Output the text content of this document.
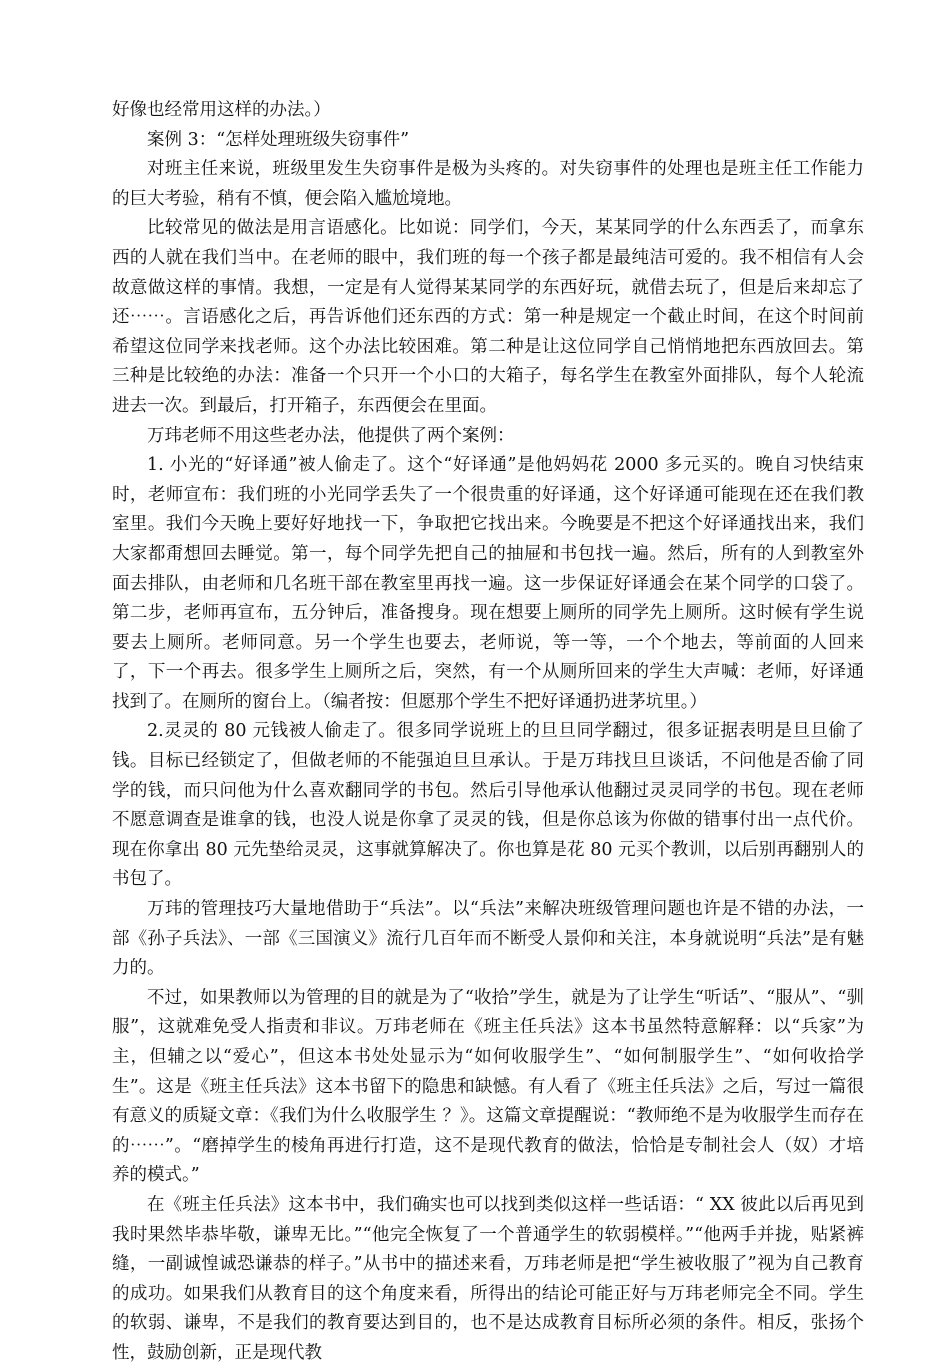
好像也经常用这样的办法。）

案例 3：“怎样处理班级失窃事件”

对班主任来说，班级里发生失窃事件是极为头疼的。对失窃事件的处理也是班主任工作能力的巨大考验，稍有不慎，便会陷入尴尬境地。

比较常见的做法是用言语感化。比如说：同学们，今天，某某同学的什么东西丢了，而拿东西的人就在我们当中。在老师的眼中，我们班的每一个孩子都是最纯洁可爱的。我不相信有人会故意做这样的事情。我想，一定是有人觉得某某同学的东西好玩，就借去玩了，但是后来却忘了还⋯⋯。言语感化之后，再告诉他们还东西的方式：第一种是规定一个截止时间，在这个时间前希望这位同学来找老师。这个办法比较困难。第二种是让这位同学自己悄悄地把东西放回去。第三种是比较绝的办法：准备一个只开一个小口的大箱子，每名学生在教室外面排队，每个人轮流进去一次。到最后，打开箱子，东西便会在里面。

万玮老师不用这些老办法，他提供了两个案例：

1. 小光的“好译通”被人偷走了。这个“好译通”是他妈妈花 2000 多元买的。晚自习快结束时，老师宣布：我们班的小光同学丢失了一个很贵重的好译通，这个好译通可能现在还在我们教室里。我们今天晚上要好好地找一下，争取把它找出来。今晚要是不把这个好译通找出来，我们大家都甭想回去睡觉。第一，每个同学先把自己的抽屉和书包找一遍。然后，所有的人到教室外面去排队，由老师和几名班干部在教室里再找一遍。这一步保证好译通会在某个同学的口袋了。第二步，老师再宣布，五分钟后，准备搜身。现在想要上厕所的同学先上厕所。这时候有学生说要去上厕所。老师同意。另一个学生也要去，老师说，等一等，一个个地去，等前面的人回来了，下一个再去。很多学生上厕所之后，突然，有一个从厕所回来的学生大声喊：老师，好译通找到了。在厕所的窗台上。（编者按：但愿那个学生不把好译通扔进茅坑里。）

2.灵灵的 80 元钱被人偷走了。很多同学说班上的旦旦同学翻过，很多证据表明是旦旦偷了钱。目标已经锁定了，但做老师的不能强迫旦旦承认。于是万玮找旦旦谈话，不问他是否偷了同学的钱，而只问他为什么喜欢翻同学的书包。然后引导他承认他翻过灵灵同学的书包。现在老师不愿意调查是谁拿的钱，也没人说是你拿了灵灵的钱，但是你总该为你做的错事付出一点代价。现在你拿出 80 元先垫给灵灵，这事就算解决了。你也算是花 80 元买个教训，以后别再翻别人的书包了。

万玮的管理技巧大量地借助于“兵法”。以“兵法”来解决班级管理问题也许是不错的办法，一部《孙子兵法》、一部《三国演义》流行几百年而不断受人景仰和关注，本身就说明“兵法”是有魅力的。

不过，如果教师以为管理的目的就是为了“收拾”学生，就是为了让学生“听话”、“服从”、“驯服”，这就难免受人指责和非议。万玮老师在《班主任兵法》这本书虽然特意解释：以“兵家”为主，但辅之以“爱心”，但这本书处处显示为“如何收服学生”、“如何制服学生”、“如何收拾学生”。这是《班主任兵法》这本书留下的隐患和缺憾。有人看了《班主任兵法》之后，写过一篇很有意义的质疑文章：《我们为什么收服学生 ？》。这篇文章提醒说：“教师绝不是为收服学生而存在的⋯⋯”。“磨掉学生的棱角再进行打造，这不是现代教育的做法，恰恰是专制社会人（奴）才培养的模式。”

在《班主任兵法》这本书中，我们确实也可以找到类似这样一些话语：“ XX 彼此以后再见到我时果然毕恭毕敬，谦卑无比。”“他完全恢复了一个普通学生的软弱模样。”“他两手并拢，贴紧裤缝，一副诚惶诚恐谦恭的样子。”从书中的描述来看，万玮老师是把“学生被收服了”视为自己教育的成功。如果我们从教育目的这个角度来看，所得出的结论可能正好与万玮老师完全不同。学生的软弱、谦卑，不是我们的教育要达到目的，也不是达成教育目标所必须的条件。相反，张扬个性，鼓励创新，正是现代教
